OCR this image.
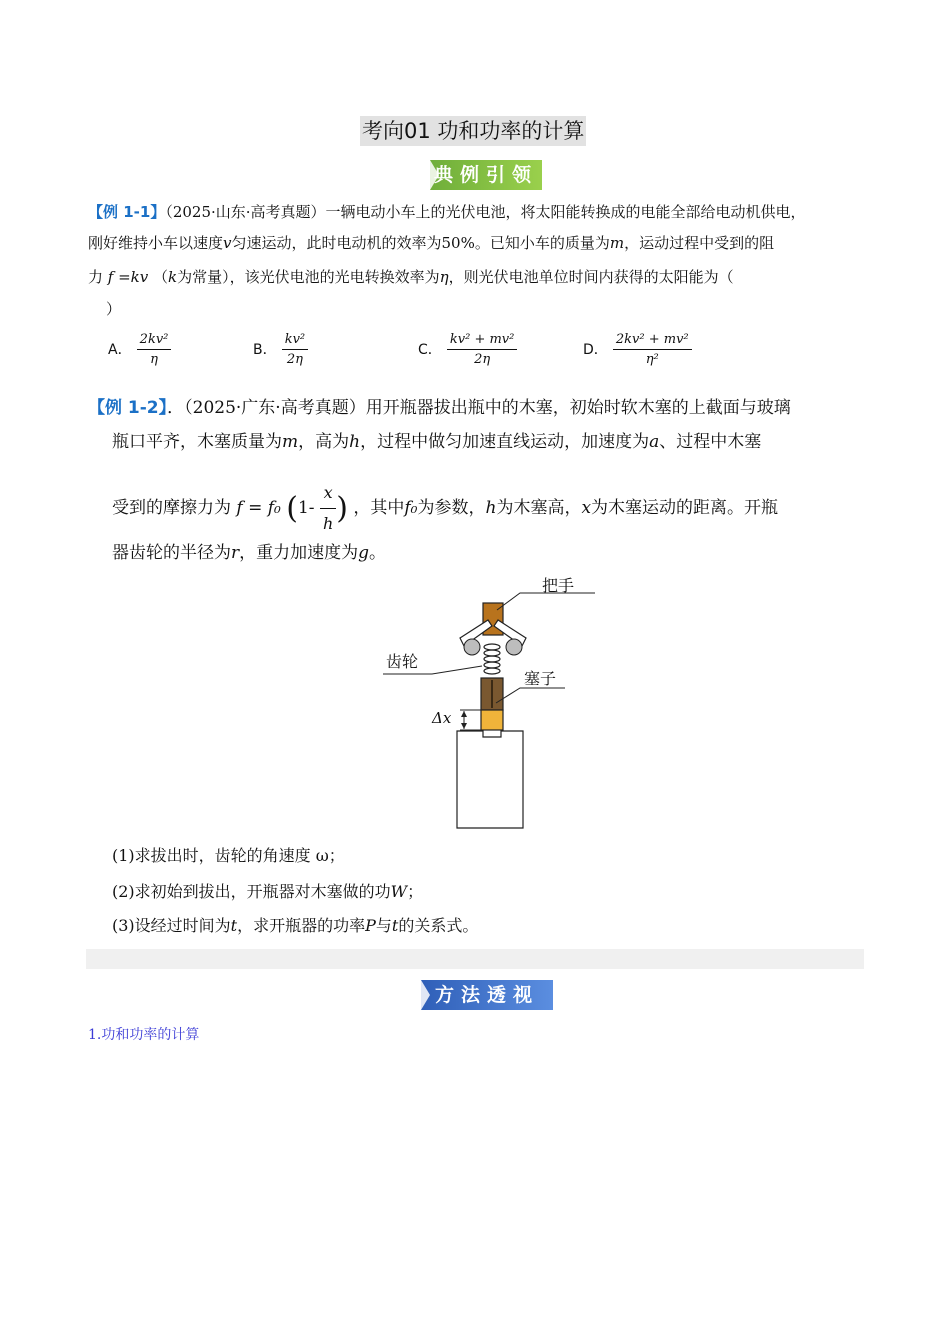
考向01 功和功率的计算
典例引领
【例 1-1】（2025·山东·高考真题）一辆电动小车上的光伏电池，将太阳能转换成的电能全部给电动机供电，
刚好维持小车以速度v匀速运动，此时电动机的效率为50%。已知小车的质量为m，运动过程中受到的阻
力 f =kv （k为常量），该光伏电池的光电转换效率为η，则光伏电池单位时间内获得的太阳能为（
）
A． $\frac{\text{2kv²}}{\eta}$	B． $\frac{\text{kv²}}{2\eta}$	C． $\frac{\text{kv² + mv²}}{2\eta}$	D． $\frac{\text{2kv² + mv²}}{\text{η²}}$
【例 1-2】．（2025·广东·高考真题）用开瓶器拔出瓶中的木塞，初始时软木塞的上截面与玻璃
瓶口平齐，木塞质量为m，高为h，过程中做匀加速直线运动，加速度为a、过程中木塞
受到的摩擦力为 f = f₀ ($1- \frac{x}{h}$ ) ，其中f₀为参数，h为木塞高，x为木塞运动的距离。开瓶
器齿轮的半径为r，重力加速度为g。
把手
齿轮
塞子
Δx
(1)求拔出时，齿轮的角速度 ω；
(2)求初始到拔出，开瓶器对木塞做的功W；
(3)设经过时间为t，求开瓶器的功率P与t的关系式。
方法透视
1.功和功率的计算
